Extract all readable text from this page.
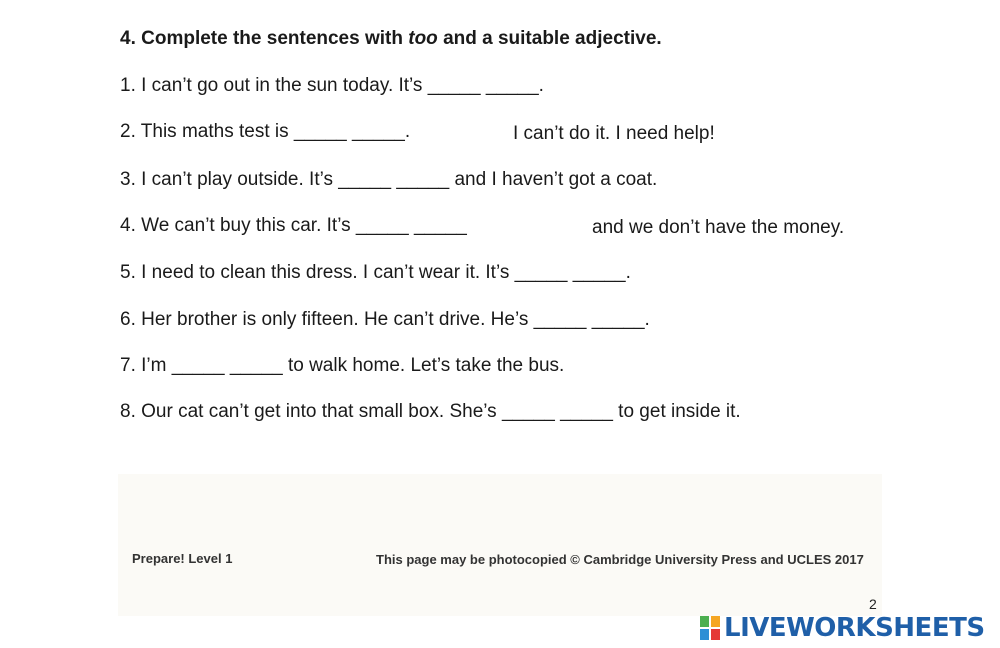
4. Complete the sentences with too and a suitable adjective.
1. I can’t go out in the sun today. It’s _____ _____.
2. This maths test is _____ _____.	I can’t do it. I need help!
3. I can’t play outside. It’s _____ _____ and I haven’t got a coat.
4. We can’t buy this car. It’s _____ _____	and we don’t have the money.
5. I need to clean this dress. I can’t wear it. It’s _____ _____.
6. Her brother is only fifteen. He can’t drive. He’s _____ _____.
7. I’m _____ _____ to walk home. Let’s take the bus.
8. Our cat can’t get into that small box. She’s _____ _____ to get inside it.
Prepare! Level 1	This page may be photocopied © Cambridge University Press and UCLES 2017
2
LIVEWORKSHEETS
